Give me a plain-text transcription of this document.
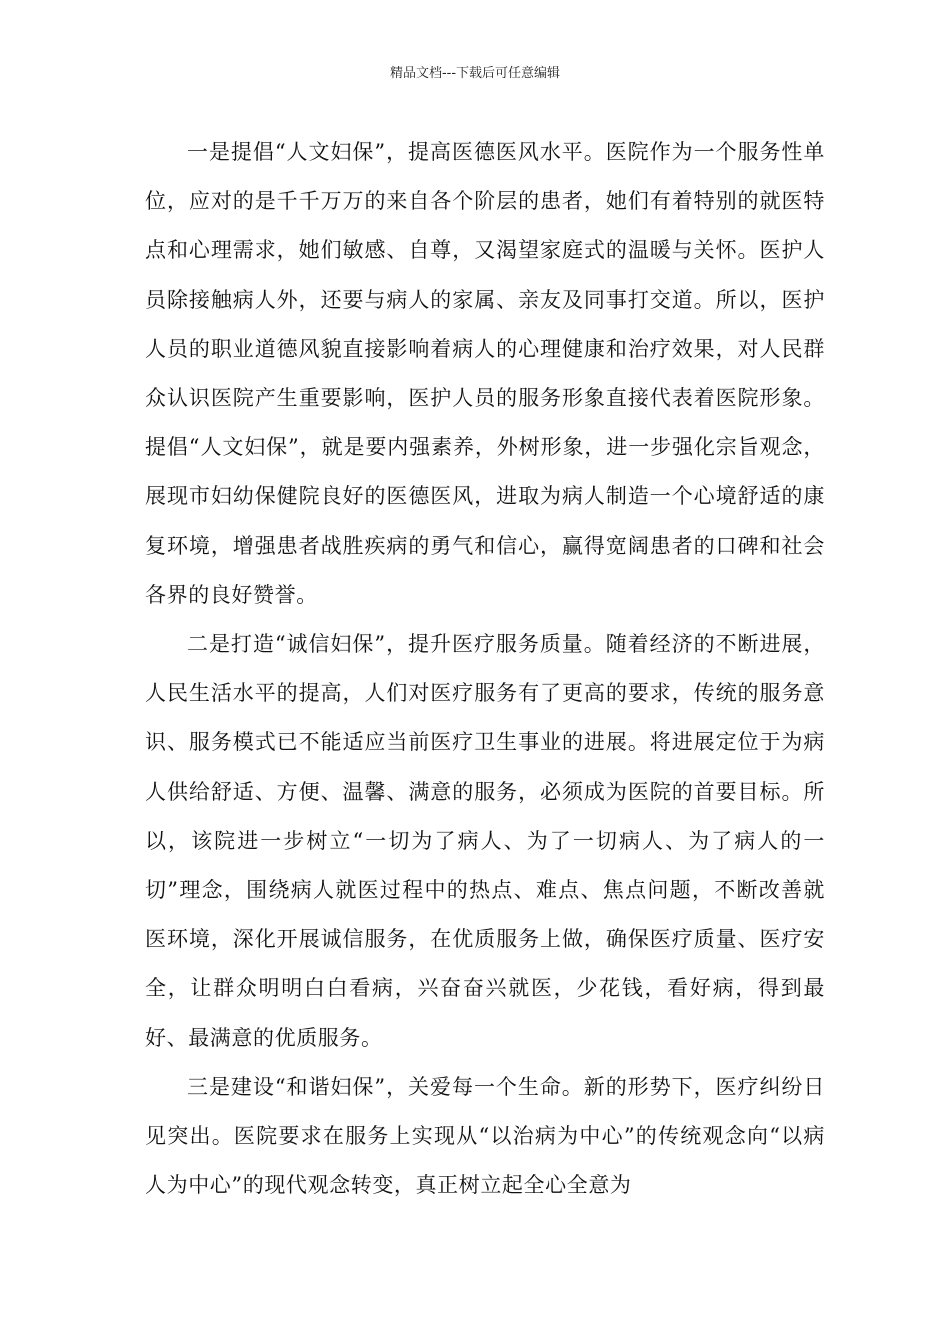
精品文档---下载后可任意编辑

一是提倡“人文妇保”，提高医德医风水平。医院作为一个服务性单位，应对的是千千万万的来自各个阶层的患者，她们有着特别的就医特点和心理需求，她们敏感、自尊，又渴望家庭式的温暖与关怀。医护人员除接触病人外，还要与病人的家属、亲友及同事打交道。所以，医护人员的职业道德风貌直接影响着病人的心理健康和治疗效果，对人民群众认识医院产生重要影响，医护人员的服务形象直接代表着医院形象。提倡“人文妇保”，就是要内强素养，外树形象，进一步强化宗旨观念，展现市妇幼保健院良好的医德医风，进取为病人制造一个心境舒适的康复环境，增强患者战胜疾病的勇气和信心，赢得宽阔患者的口碑和社会各界的良好赞誉。

二是打造“诚信妇保”，提升医疗服务质量。随着经济的不断进展，人民生活水平的提高，人们对医疗服务有了更高的要求，传统的服务意识、服务模式已不能适应当前医疗卫生事业的进展。将进展定位于为病人供给舒适、方便、温馨、满意的服务，必须成为医院的首要目标。所以，该院进一步树立“一切为了病人、为了一切病人、为了病人的一切”理念，围绕病人就医过程中的热点、难点、焦点问题，不断改善就医环境，深化开展诚信服务，在优质服务上做，确保医疗质量、医疗安全，让群众明明白白看病，兴奋奋兴就医，少花钱，看好病，得到最好、最满意的优质服务。

三是建设“和谐妇保”，关爱每一个生命。新的形势下，医疗纠纷日见突出。医院要求在服务上实现从“以治病为中心”的传统观念向“以病人为中心”的现代观念转变，真正树立起全心全意为
